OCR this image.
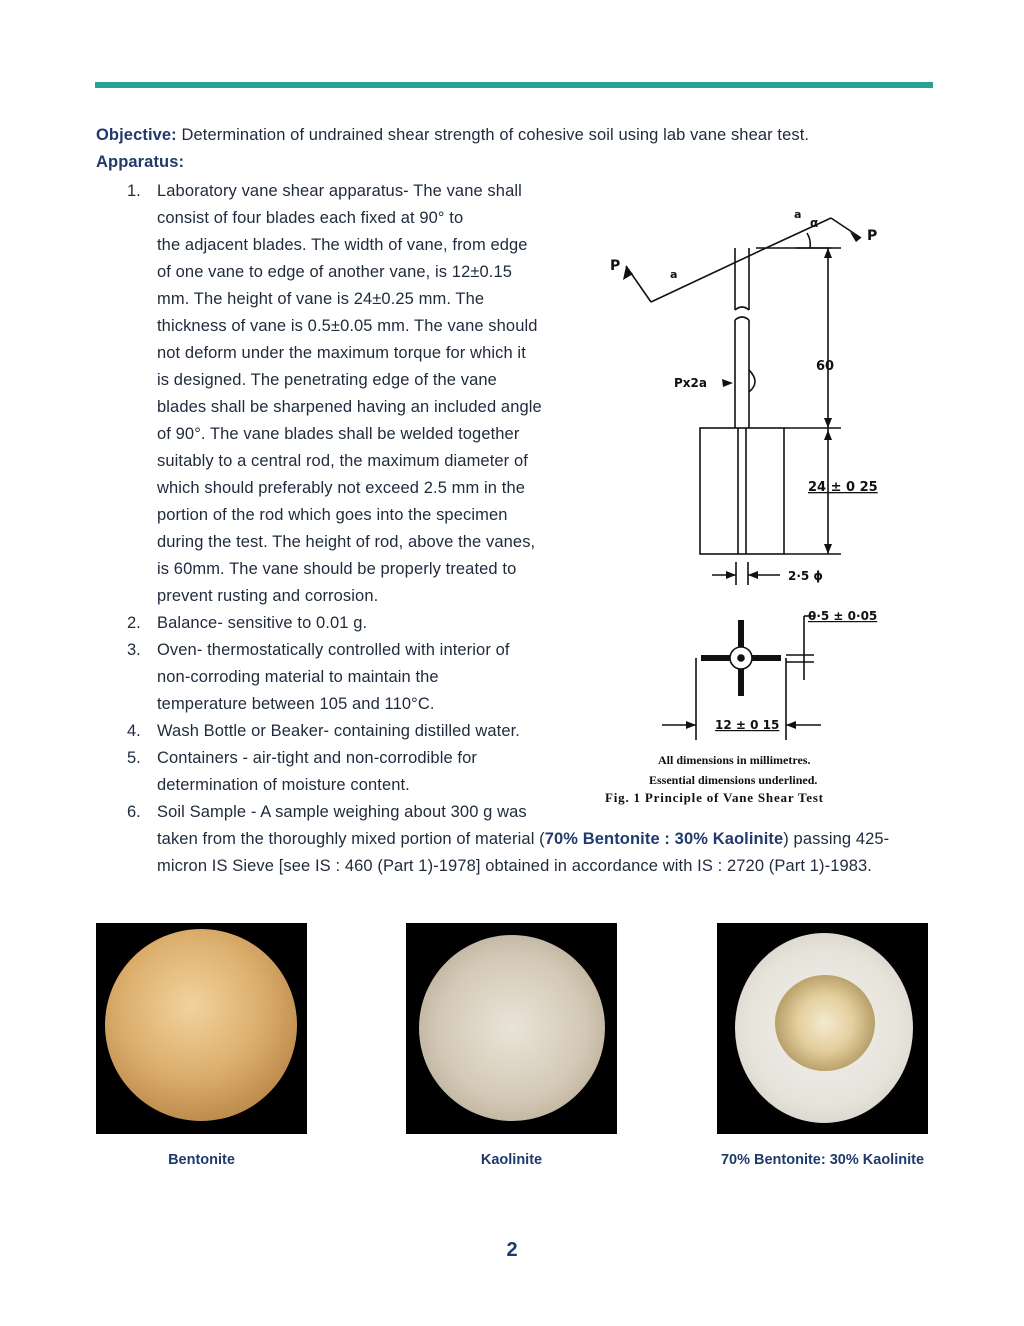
Objective: Determination of undrained shear strength of cohesive soil using lab vane shear test.
Apparatus:
1. Laboratory vane shear apparatus- The vane shall
consist of four blades each fixed at 90° to
the adjacent blades. The width of vane, from edge
of one vane to edge of another vane, is 12±0.15
mm. The height of vane is 24±0.25 mm. The
thickness of vane is 0.5±0.05 mm. The vane should
not deform under the maximum torque for which it
is designed. The penetrating edge of the vane
blades shall be sharpened having an included angle
of 90°. The vane blades shall be welded together
suitably to a central rod, the maximum diameter of
which should preferably not exceed 2.5 mm in the
portion of the rod which goes into the specimen
during the test. The height of rod, above the vanes,
is 60mm. The vane should be properly treated to
prevent rusting and corrosion.
2. Balance- sensitive to 0.01 g.
3. Oven- thermostatically controlled with interior of
non-corroding material to maintain the
temperature between 105 and 110°C.
4. Wash Bottle or Beaker- containing distilled water.
5. Containers - air-tight and non-corrodible for
determination of moisture content.
6. Soil Sample - A sample weighing about 300 g was
taken from the thoroughly mixed portion of material (70% Bentonite : 30% Kaolinite) passing 425-
micron IS Sieve [see IS : 460 (Part 1)-1978] obtained in accordance with IS : 2720 (Part 1)-1983.
P
P
a
a
α
Px2a
60
24 ± 0 25
2·5 ϕ
0·5 ± 0·05
12 ± 0 15
All dimensions in millimetres.
Essential dimensions underlined.
Fig. 1 Principle of Vane Shear Test
Bentonite	Kaolinite	70% Bentonite: 30% Kaolinite
2
